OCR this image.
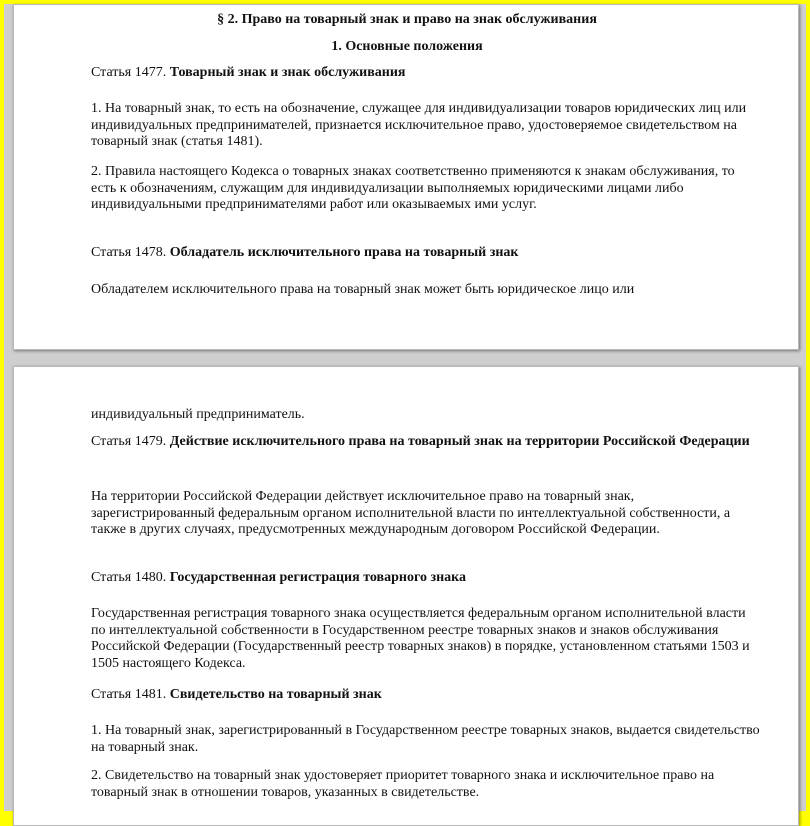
§ 2. Право на товарный знак и право на знак обслуживания

1. Основные положения

Статья 1477. Товарный знак и знак обслуживания

1. На товарный знак, то есть на обозначение, служащее для индивидуализации товаров юридических лиц или индивидуальных предпринимателей, признается исключительное право, удостоверяемое свидетельством на товарный знак (статья 1481).

2. Правила настоящего Кодекса о товарных знаках соответственно применяются к знакам обслуживания, то есть к обозначениям, служащим для индивидуализации выполняемых юридическими лицами либо индивидуальными предпринимателями работ или оказываемых ими услуг.

Статья 1478. Обладатель исключительного права на товарный знак

Обладателем исключительного права на товарный знак может быть юридическое лицо или

индивидуальный предприниматель.

Статья 1479. Действие исключительного права на товарный знак на территории Российской Федерации

На территории Российской Федерации действует исключительное право на товарный знак, зарегистрированный федеральным органом исполнительной власти по интеллектуальной собственности, а также в других случаях, предусмотренных международным договором Российской Федерации.

Статья 1480. Государственная регистрация товарного знака

Государственная регистрация товарного знака осуществляется федеральным органом исполнительной власти по интеллектуальной собственности в Государственном реестре товарных знаков и знаков обслуживания Российской Федерации (Государственный реестр товарных знаков) в порядке, установленном статьями 1503 и 1505 настоящего Кодекса.

Статья 1481. Свидетельство на товарный знак

1. На товарный знак, зарегистрированный в Государственном реестре товарных знаков, выдается свидетельство на товарный знак.

2. Свидетельство на товарный знак удостоверяет приоритет товарного знака и исключительное право на товарный знак в отношении товаров, указанных в свидетельстве.
